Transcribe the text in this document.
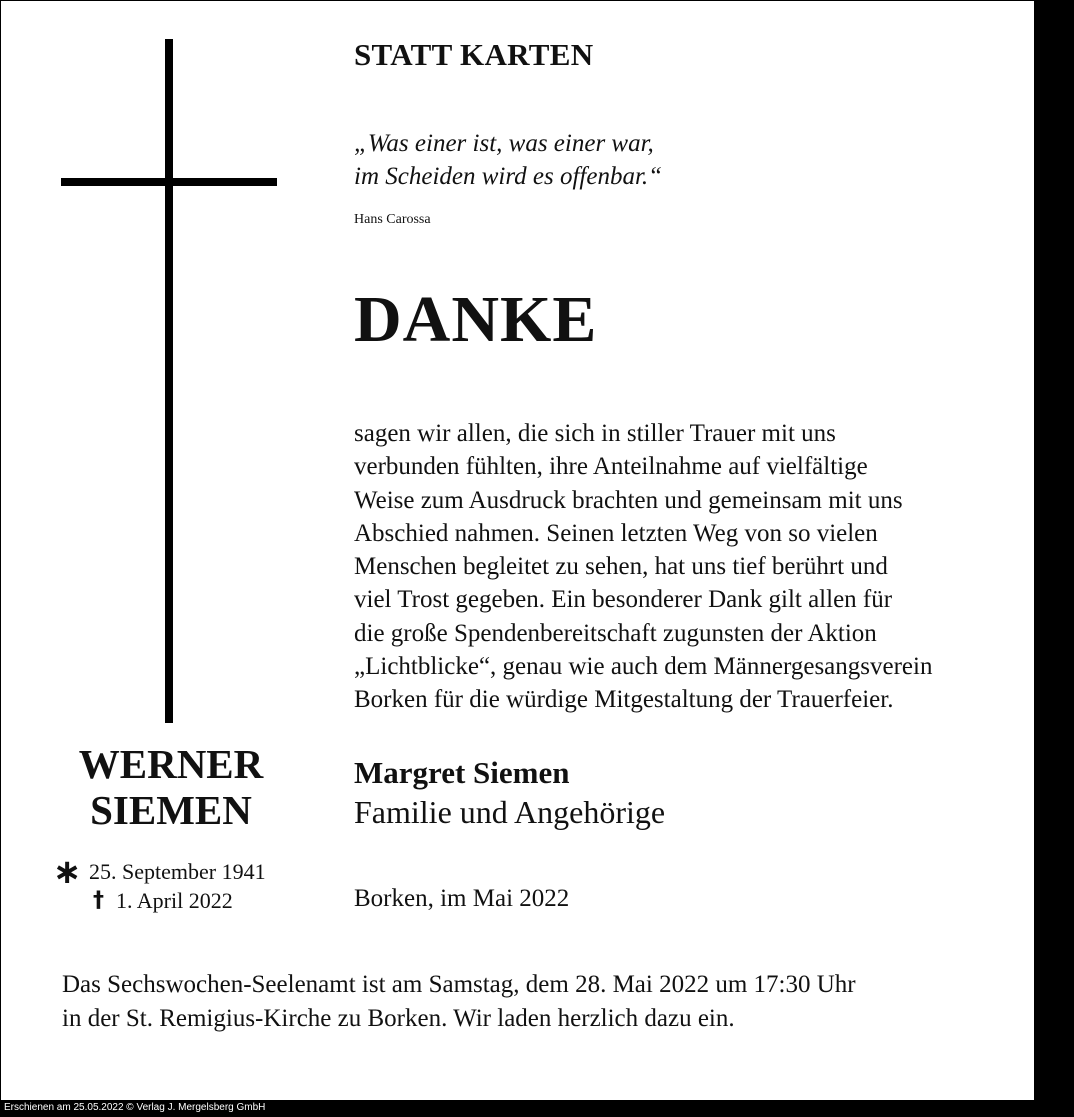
STATT KARTEN
„Was einer ist, was einer war,
im Scheiden wird es offenbar.“
Hans Carossa
DANKE
sagen wir allen, die sich in stiller Trauer mit uns
verbunden fühlten, ihre Anteilnahme auf vielfältige
Weise zum Ausdruck brachten und gemeinsam mit uns
Abschied nahmen. Seinen letzten Weg von so vielen
Menschen begleitet zu sehen, hat uns tief berührt und
viel Trost gegeben. Ein besonderer Dank gilt allen für
die große Spendenbereitschaft zugunsten der Aktion
„Lichtblicke“, genau wie auch dem Männergesangsverein
Borken für die würdige Mitgestaltung der Trauerfeier.
Margret Siemen
Familie und Angehörige
Borken, im Mai 2022
WERNER
SIEMEN
∗ 25. September 1941
† 1. April 2022
Das Sechswochen-Seelenamt ist am Samstag, dem 28. Mai 2022 um 17:30 Uhr
in der St. Remigius-Kirche zu Borken. Wir laden herzlich dazu ein.
Erschienen am 25.05.2022 © Verlag J. Mergelsberg GmbH
